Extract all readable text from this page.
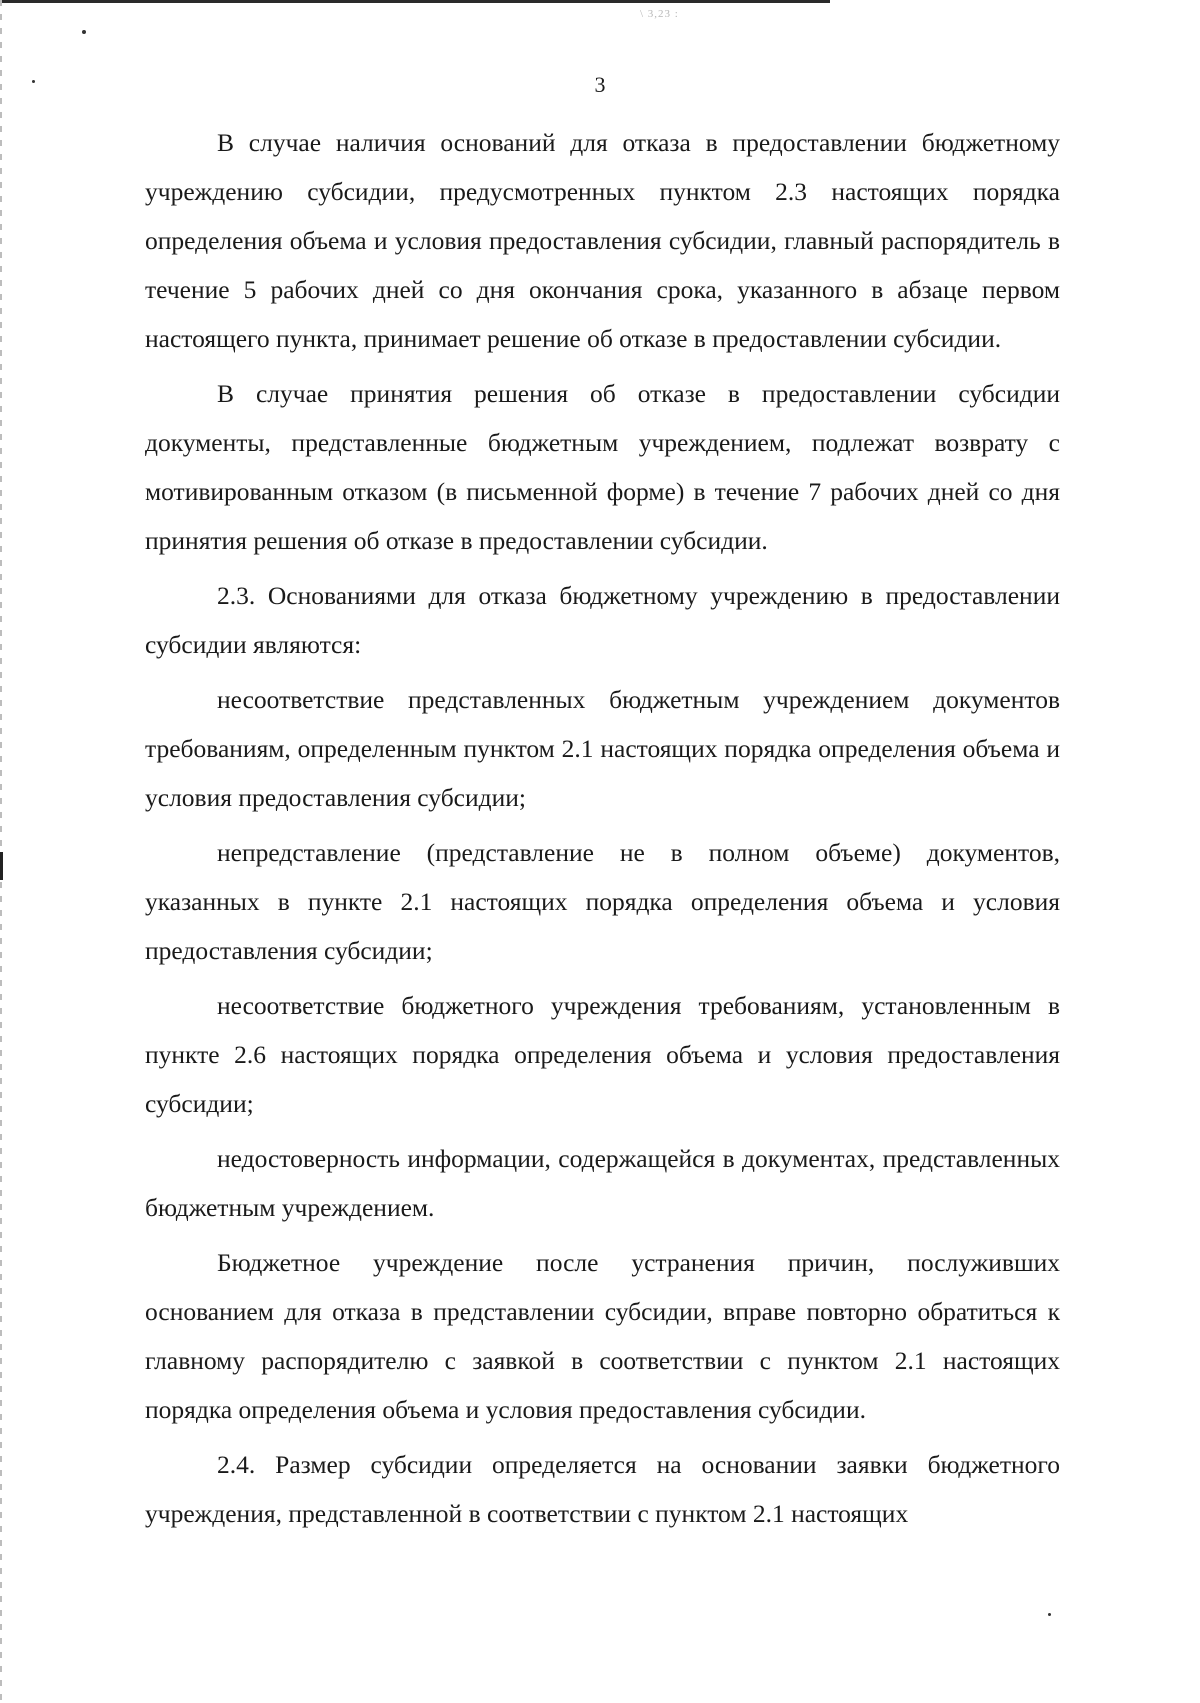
\ 3,23 :
3

В случае наличия оснований для отказа в предоставлении бюджетному учреждению субсидии, предусмотренных пунктом 2.3 настоящих порядка определения объема и условия предоставления субсидии, главный распорядитель в течение 5 рабочих дней со дня окончания срока, указанного в абзаце первом настоящего пункта, принимает решение об отказе в предоставлении субсидии.

В случае принятия решения об отказе в предоставлении субсидии документы, представленные бюджетным учреждением, подлежат возврату с мотивированным отказом (в письменной форме) в течение 7 рабочих дней со дня принятия решения об отказе в предоставлении субсидии.

2.3. Основаниями для отказа бюджетному учреждению в предоставлении субсидии являются:

несоответствие представленных бюджетным учреждением документов требованиям, определенным пунктом 2.1 настоящих порядка определения объема и условия предоставления субсидии;

непредставление (представление не в полном объеме) документов, указанных в пункте 2.1 настоящих порядка определения объема и условия предоставления субсидии;

несоответствие бюджетного учреждения требованиям, установленным в пункте 2.6 настоящих порядка определения объема и условия предоставления субсидии;

недостоверность информации, содержащейся в документах, представленных бюджетным учреждением.

Бюджетное учреждение после устранения причин, послуживших основанием для отказа в представлении субсидии, вправе повторно обратиться к главному распорядителю с заявкой в соответствии с пунктом 2.1 настоящих порядка определения объема и условия предоставления субсидии.

2.4. Размер субсидии определяется на основании заявки бюджетного учреждения, представленной в соответствии с пунктом 2.1 настоящих
